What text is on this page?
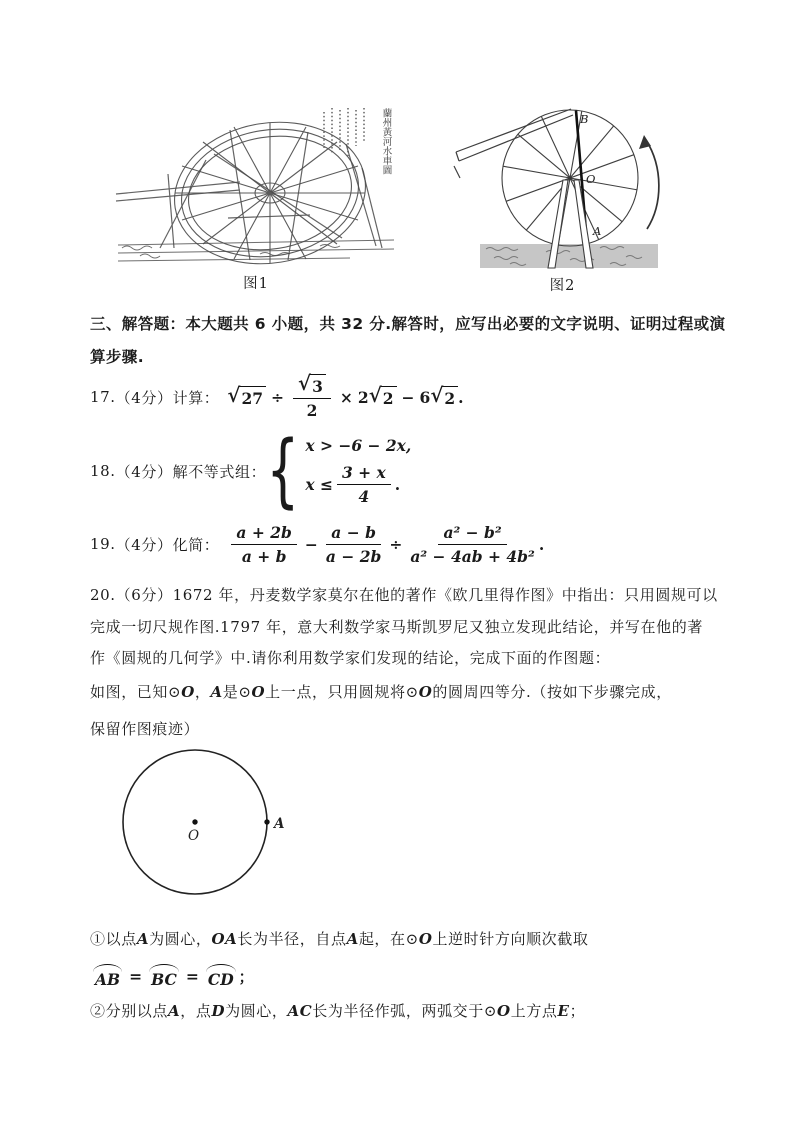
蘭州黃河水車圖
图1
B
O
A
图2
三、解答题：本大题共 6 小题，共 32 分.解答时，应写出必要的文字说明、证明过程或演
算步骤.
17. （4分） 计算： √ $27 \div \frac{√ 3}{2} \times 2$ √ 2 − 6 √ 2 .
18. （4分） 解不等式组： { x > −6 − 2x,
$x \le \frac{3 + x}{4}$ .
19. （4分） 化简： $\frac{a + 2b}{a + b} - \frac{a - b}{a - 2b} \div \frac{\text{a² − b²}}{\text{a² − 4ab + 4b²}}$ .
20.（6分）1672 年，丹麦数学家莫尔在他的著作《欧几里得作图》中指出：只用圆规可以
完成一切尺规作图.1797 年，意大利数学家马斯凯罗尼又独立发现此结论，并写在他的著
作《圆规的几何学》中.请你利用数学家们发现的结论，完成下面的作图题：
如图，已知⊙O，A是⊙O上一点，只用圆规将⊙O的圆周四等分.（按如下步骤完成，
保留作图痕迹）
O
A
①以点A为圆心，OA长为半径，自点A起，在⊙O上逆时针方向顺次截取
AB = BC = CD ；
②分别以点A，点D为圆心，AC长为半径作弧，两弧交于⊙O上方点E；
